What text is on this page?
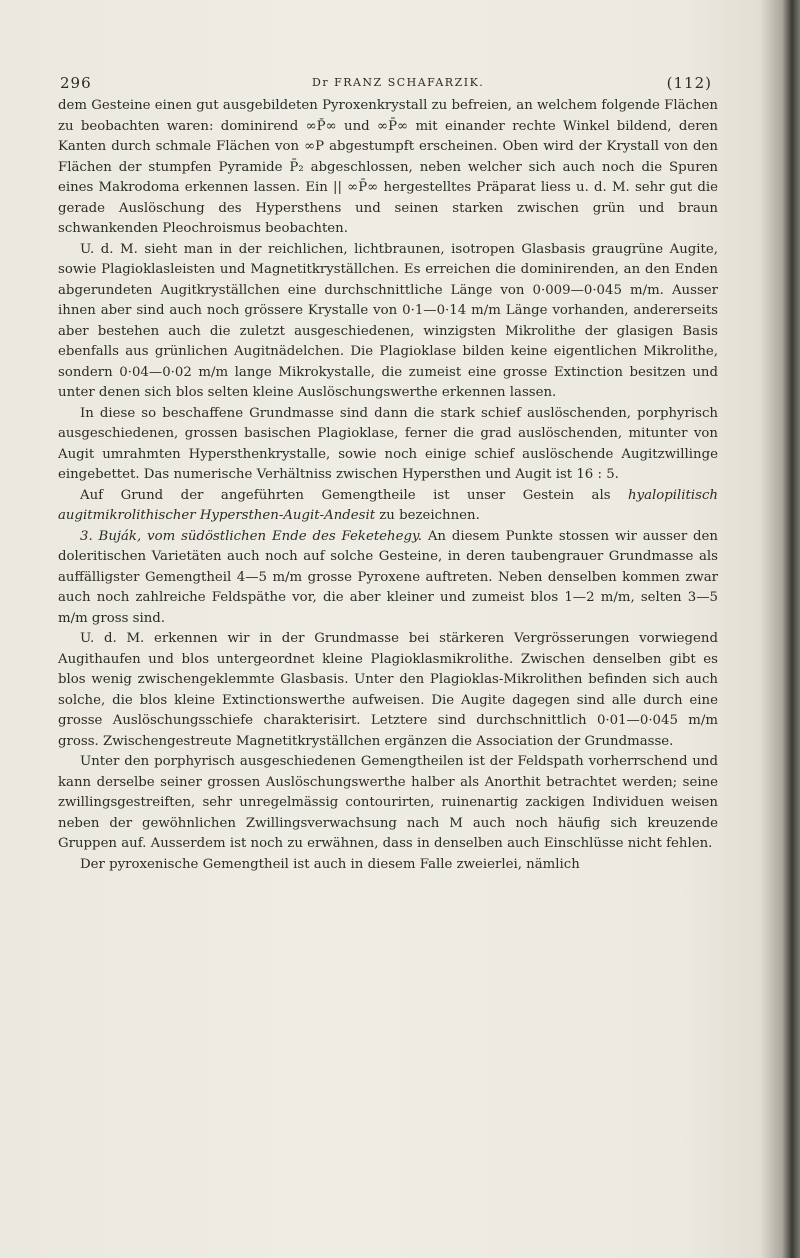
296	Dr FRANZ SCHAFARZIK.	(112)

dem Gesteine einen gut ausgebildeten Pyroxenkrystall zu befreien, an welchem folgende Flächen zu beobachten waren: dominirend ∞P̆∞ und ∞P̄∞ mit einander rechte Winkel bildend, deren Kanten durch schmale Flächen von ∞P abgestumpft erscheinen. Oben wird der Krystall von den Flächen der stumpfen Pyramide P̄₂ abgeschlossen, neben welcher sich auch noch die Spuren eines Makrodoma erkennen lassen. Ein || ∞P̄∞ hergestelltes Präparat liess u. d. M. sehr gut die gerade Auslöschung des Hypersthens und seinen starken zwischen grün und braun schwankenden Pleochroismus beobachten.

U. d. M. sieht man in der reichlichen, lichtbraunen, isotropen Glasbasis graugrüne Augite, sowie Plagioklasleisten und Magnetitkryställchen. Es erreichen die dominirenden, an den Enden abgerundeten Augitkryställchen eine durchschnittliche Länge von 0·009—0·045 m/m. Ausser ihnen aber sind auch noch grössere Krystalle von 0·1—0·14 m/m Länge vorhanden, andererseits aber bestehen auch die zuletzt ausgeschiedenen, winzigsten Mikrolithe der glasigen Basis ebenfalls aus grünlichen Augitnädelchen. Die Plagioklase bilden keine eigentlichen Mikrolithe, sondern 0·04—0·02 m/m lange Mikrokystalle, die zumeist eine grosse Extinction besitzen und unter denen sich blos selten kleine Auslöschungswerthe erkennen lassen.

In diese so beschaffene Grundmasse sind dann die stark schief auslöschenden, porphyrisch ausgeschiedenen, grossen basischen Plagioklase, ferner die grad auslöschenden, mitunter von Augit umrahmten Hypersthenkrystalle, sowie noch einige schief auslöschende Augitzwillinge eingebettet. Das numerische Verhältniss zwischen Hypersthen und Augit ist 16 : 5.

Auf Grund der angeführten Gemengtheile ist unser Gestein als hyalopilitisch augitmikrolithischer Hypersthen-Augit-Andesit zu bezeichnen.

3. Buják, vom südöstlichen Ende des Feketehegy. An diesem Punkte stossen wir ausser den doleritischen Varietäten auch noch auf solche Gesteine, in deren taubengrauer Grundmasse als auffälligster Gemengtheil 4—5 m/m grosse Pyroxene auftreten. Neben denselben kommen zwar auch noch zahlreiche Feldspäthe vor, die aber kleiner und zumeist blos 1—2 m/m, selten 3—5 m/m gross sind.

U. d. M. erkennen wir in der Grundmasse bei stärkeren Vergrösserungen vorwiegend Augithaufen und blos untergeordnet kleine Plagioklasmikrolithe. Zwischen denselben gibt es blos wenig zwischengeklemmte Glasbasis. Unter den Plagioklas-Mikrolithen befinden sich auch solche, die blos kleine Extinctionswerthe aufweisen. Die Augite dagegen sind alle durch eine grosse Auslöschungsschiefe charakterisirt. Letztere sind durchschnittlich 0·01—0·045 m/m gross. Zwischengestreute Magnetitkryställchen ergänzen die Association der Grundmasse.

Unter den porphyrisch ausgeschiedenen Gemengtheilen ist der Feldspath vorherrschend und kann derselbe seiner grossen Auslöschungswerthe halber als Anorthit betrachtet werden; seine zwillingsgestreiften, sehr unregelmässig contourirten, ruinenartig zackigen Individuen weisen neben der gewöhnlichen Zwillingsverwachsung nach M auch noch häufig sich kreuzende Gruppen auf. Ausserdem ist noch zu erwähnen, dass in denselben auch Einschlüsse nicht fehlen.

Der pyroxenische Gemengtheil ist auch in diesem Falle zweierlei, nämlich
